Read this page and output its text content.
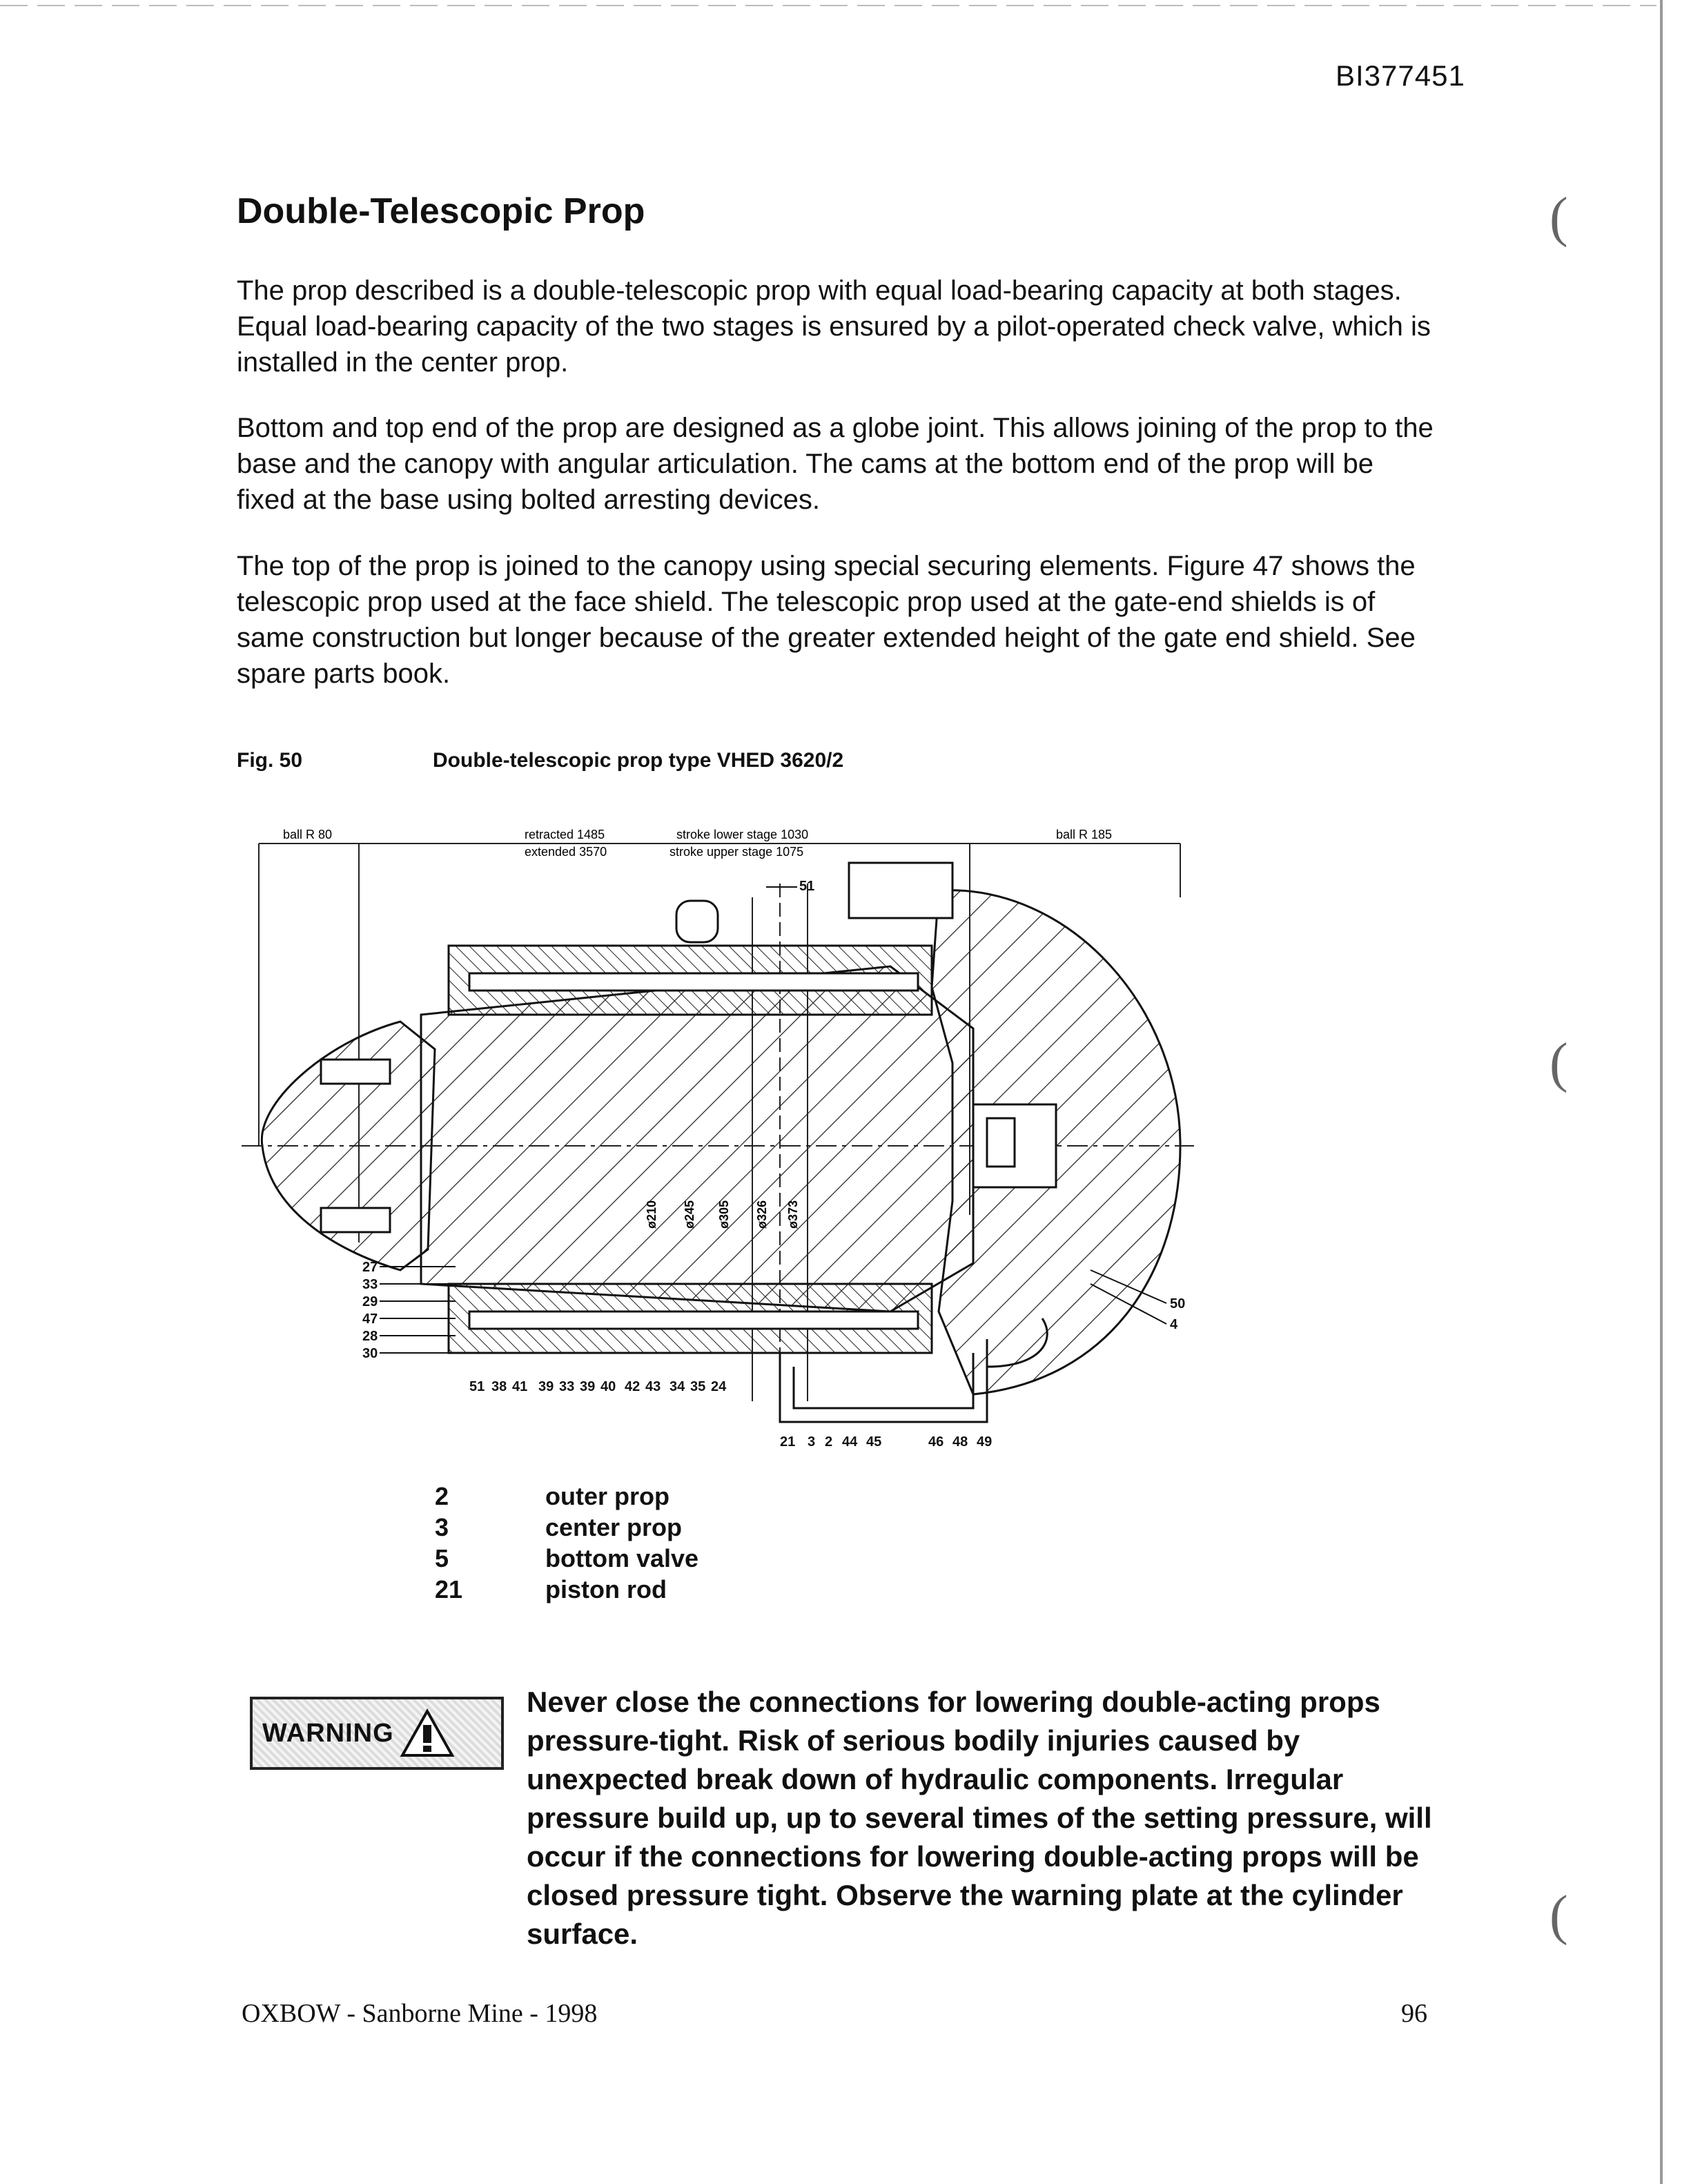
BI377451
Double-Telescopic Prop

The prop described is a double-telescopic prop with equal load-bearing capacity at both stages. Equal load-bearing capacity of the two stages is ensured by a pilot-operated check valve, which is installed in the center prop.

Bottom and top end of the prop are designed as a globe joint. This allows joining of the prop to the base and the canopy with angular articulation. The cams at the bottom end of the prop will be fixed at the base using bolted arresting devices.

The top of the prop is joined to the canopy using special securing elements. Figure 47 shows the telescopic prop used at the face shield. The telescopic prop used at the gate-end shields is of same construction but longer because of the greater extended height of the gate end shield. See spare parts book.

Fig. 50	Double-telescopic prop type VHED 3620/2
ball R 80	retracted 1485
extended 3570
stroke lower stage 1030
stroke upper stage 1075
ball R 185
ø210 ø245 ø305 ø326 ø373
51
27
33
29
47
28
30
51 38 41 39 33 39 40 42 43 34 35 24
21 3 2 44 45	46 48 49
50
4
2	outer prop
3	center prop
5	bottom valve
21	piston rod
WARNING
Never close the connections for lowering double-acting props pressure-tight. Risk of serious bodily injuries caused by unexpected break down of hydraulic components. Irregular pressure build up, up to several times of the setting pressure, will occur if the connections for lowering double-acting props will be closed pressure tight. Observe the warning plate at the cylinder surface.
(
(
(
OXBOW - Sanborne Mine - 1998	96
